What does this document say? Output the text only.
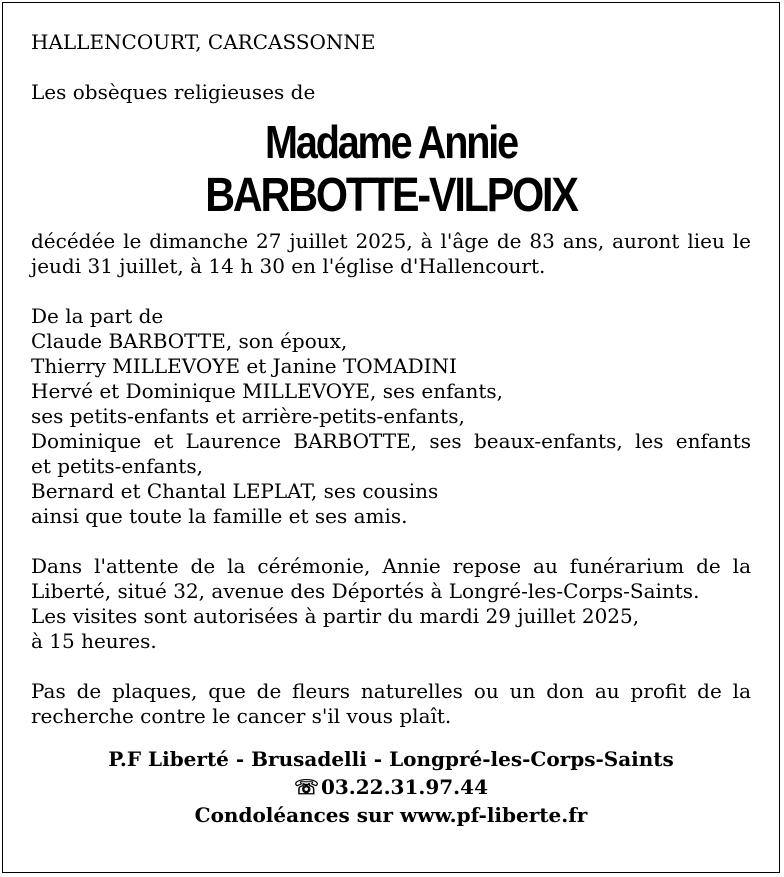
HALLENCOURT, CARCASSONNE

Les obsèques religieuses de

Madame Annie
BARBOTTE-VILPOIX

décédée le dimanche 27 juillet 2025, à l'âge de 83 ans, auront lieu le

jeudi 31 juillet, à 14 h 30 en l'église d'Hallencourt.

De la part de

Claude BARBOTTE, son époux,

Thierry MILLEVOYE et Janine TOMADINI

Hervé et Dominique MILLEVOYE, ses enfants,

ses petits-enfants et arrière-petits-enfants,

Dominique et Laurence BARBOTTE, ses beaux-enfants, les enfants

et petits-enfants,

Bernard et Chantal LEPLAT, ses cousins

ainsi que toute la famille et ses amis.

Dans l'attente de la cérémonie, Annie repose au funérarium de la

Liberté, situé 32, avenue des Déportés à Longré-les-Corps-Saints.

Les visites sont autorisées à partir du mardi 29 juillet 2025,

à 15 heures.

Pas de plaques, que de fleurs naturelles ou un don au profit de la

recherche contre le cancer s'il vous plaît.

P.F Liberté - Brusadelli - Longpré-les-Corps-Saints
☏ 03.22.31.97.44
Condoléances sur www.pf-liberte.fr
